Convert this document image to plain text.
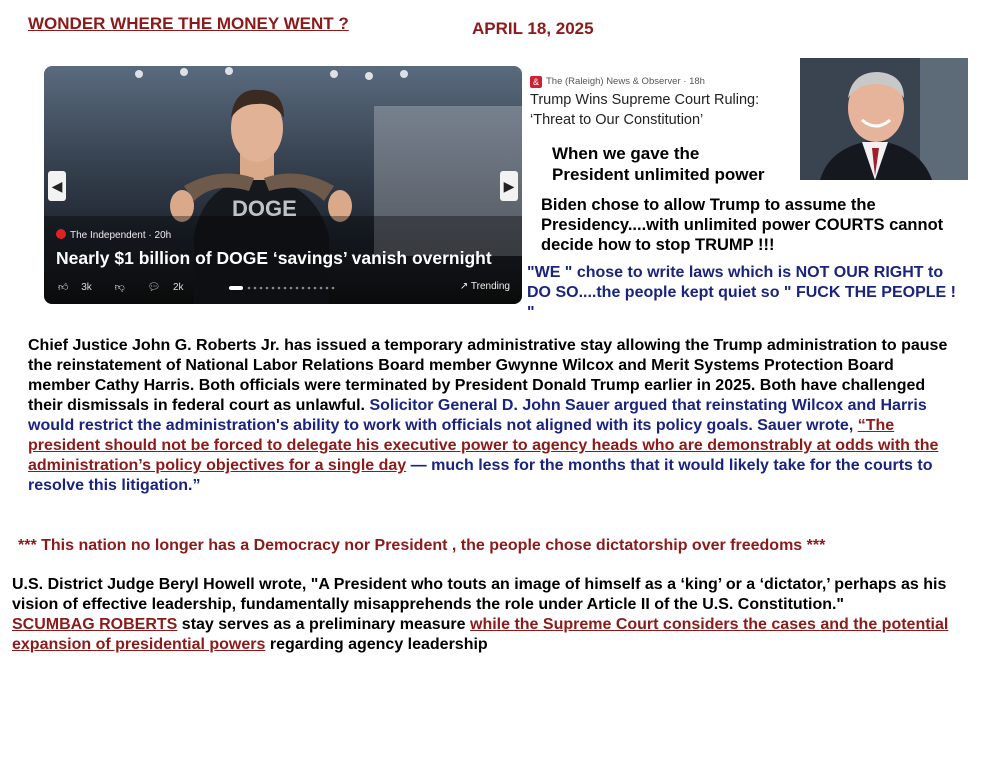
WONDER WHERE THE MONEY WENT ?	APRIL 18, 2025
DOGE
◀	▶
The Independent · 20h
Nearly $1 billion of DOGE ‘savings’ vanish overnight
👍︎ 3k 👎︎ 💬︎ 2k	↗ Trending
& The (Raleigh) News & Observer · 18h
Trump Wins Supreme Court Ruling: ‘Threat to Our Constitution’
When we gave the
President unlimited power
Biden chose to allow Trump to assume the Presidency....with unlimited power COURTS cannot decide how to stop TRUMP !!!
"WE " chose to write laws which is NOT OUR RIGHT to DO SO....the people kept quiet so " FUCK THE PEOPLE ! "
Chief Justice John G. Roberts Jr. has issued a temporary administrative stay allowing the Trump administration to pause the reinstatement of National Labor Relations Board member Gwynne Wilcox and Merit Systems Protection Board member Cathy Harris. Both officials were terminated by President Donald Trump earlier in 2025. Both have challenged their dismissals in federal court as unlawful. Solicitor General D. John Sauer argued that reinstating Wilcox and Harris would restrict the administration's ability to work with officials not aligned with its policy goals. Sauer wrote, “The president should not be forced to delegate his executive power to agency heads who are demonstrably at odds with the administration’s policy objectives for a single day — much less for the months that it would likely take for the courts to resolve this litigation.”
*** This nation no longer has a Democracy nor President , the people chose dictatorship over freedoms ***
U.S. District Judge Beryl Howell wrote, "A President who touts an image of himself as a ‘king’ or a ‘dictator,’ perhaps as his vision of effective leadership, fundamentally misapprehends the role under Article II of the U.S. Constitution."
SCUMBAG ROBERTS stay serves as a preliminary measure while the Supreme Court considers the cases and the potential expansion of presidential powers regarding agency leadership
